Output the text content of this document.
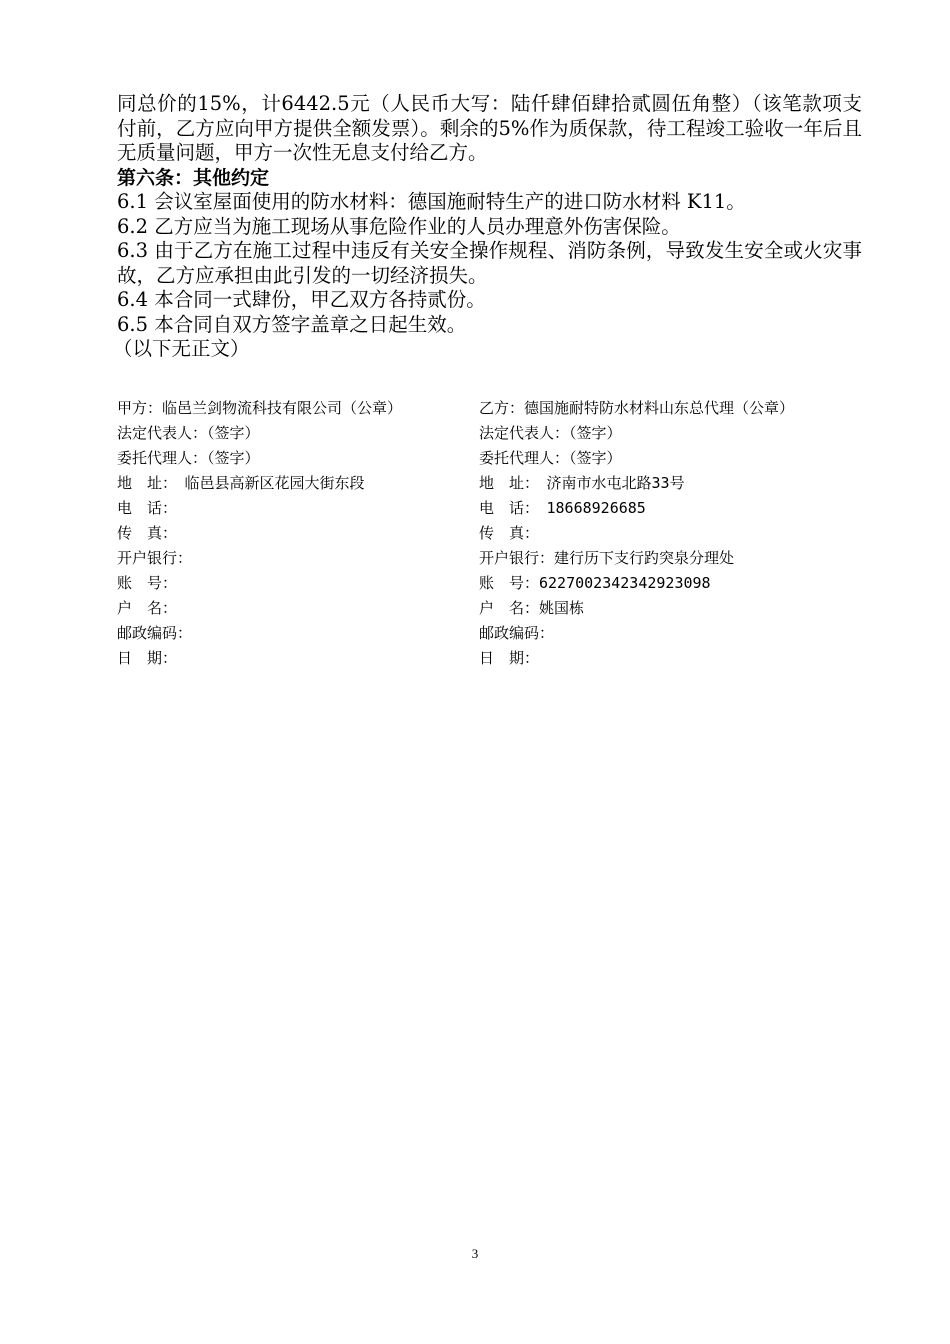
同总价的15%，计6442.5元（人民币大写：陆仟肆佰肆拾贰圆伍角整）（该笔款项支付前，乙方应向甲方提供全额发票）。剩余的5%作为质保款，待工程竣工验收一年后且无质量问题，甲方一次性无息支付给乙方。

第六条：其他约定

6.1 会议室屋面使用的防水材料：德国施耐特生产的进口防水材料 K11。

6.2 乙方应当为施工现场从事危险作业的人员办理意外伤害保险。

6.3 由于乙方在施工过程中违反有关安全操作规程、消防条例，导致发生安全或火灾事故，乙方应承担由此引发的一切经济损失。

6.4 本合同一式肆份，甲乙双方各持贰份。

6.5 本合同自双方签字盖章之日起生效。

（以下无正文）

甲方：临邑兰剑物流科技有限公司（公章）	乙方：德国施耐特防水材料山东总代理（公章）
法定代表人：（签字）	法定代表人：（签字）
委托代理人：（签字）	委托代理人：（签字）
地　址：　临邑县高新区花园大街东段	地　址：　济南市水屯北路33号
电　话：	电　话：　18668926685
传　真：	传　真：
开户银行：	开户银行：建行历下支行趵突泉分理处
账　号：	账　号：6227002342342923098
户　名：	户　名：姚国栋
邮政编码：	邮政编码：
日　期：	日　期：
3
